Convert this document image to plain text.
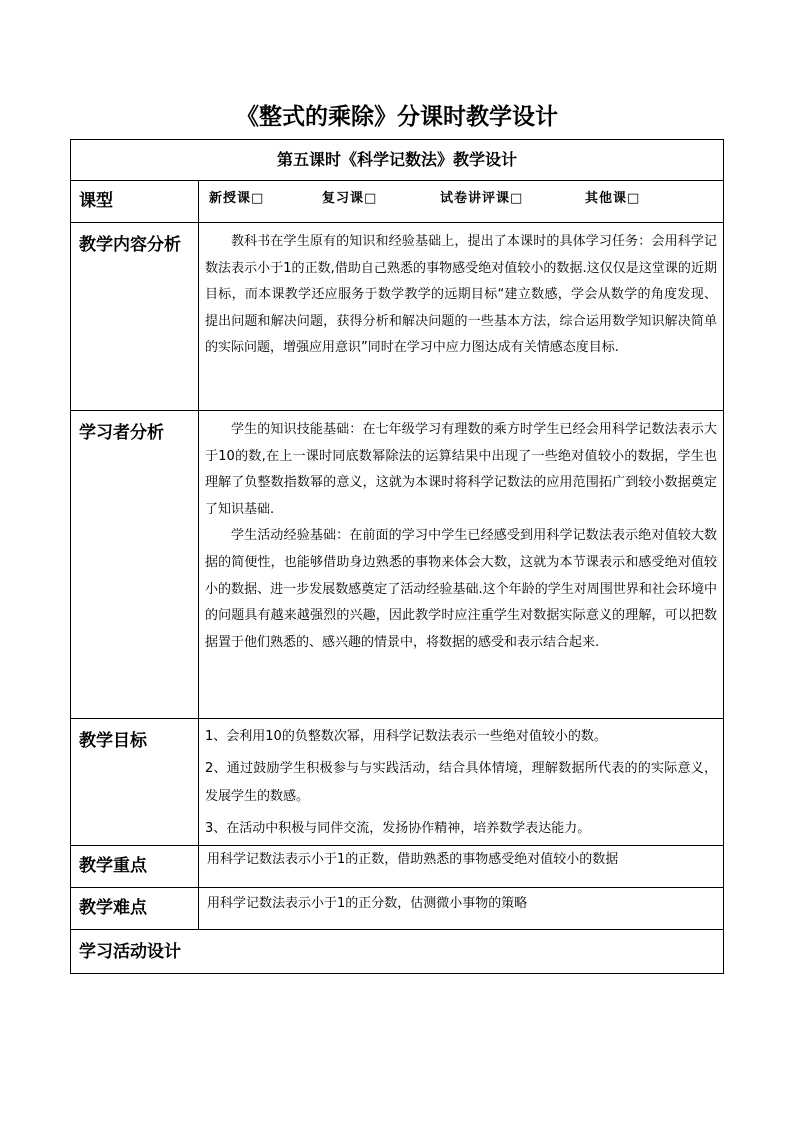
《整式的乘除》分课时教学设计
第五课时《科学记数法》教学设计	
课型	新授课□ 复习课□ 试卷讲评课□ 其他课□
教学内容分析	教科书在学生原有的知识和经验基础上，提出了本课时的具体学习任务：会用科学记数法表示小于1的正数,借助自己熟悉的事物感受绝对值较小的数据.这仅仅是这堂课的近期目标，而本课教学还应服务于数学教学的远期目标“建立数感，学会从数学的角度发现、提出问题和解决问题，获得分析和解决问题的一些基本方法，综合运用数学知识解决简单的实际问题，增强应用意识”同时在学习中应力图达成有关情感态度目标.

学习者分析	学生的知识技能基础：在七年级学习有理数的乘方时学生已经会用科学记数法表示大于10的数,在上一课时同底数幂除法的运算结果中出现了一些绝对值较小的数据，学生也理解了负整数指数幂的意义，这就为本课时将科学记数法的应用范围拓广到较小数据奠定了知识基础.

学生活动经验基础：在前面的学习中学生已经感受到用科学记数法表示绝对值较大数据的简便性，也能够借助身边熟悉的事物来体会大数，这就为本节课表示和感受绝对值较小的数据、进一步发展数感奠定了活动经验基础.这个年龄的学生对周围世界和社会环境中的问题具有越来越强烈的兴趣，因此教学时应注重学生对数据实际意义的理解，可以把数据置于他们熟悉的、感兴趣的情景中，将数据的感受和表示结合起来.

教学目标	1、会利用10的负整数次幂，用科学记数法表示一些绝对值较小的数。

2、通过鼓励学生积极参与与实践活动，结合具体情境，理解数据所代表的的实际意义，发展学生的数感。

3、在活动中积极与同伴交流，发扬协作精神，培养数学表达能力。

教学重点	用科学记数法表示小于1的正数，借助熟悉的事物感受绝对值较小的数据
教学难点	用科学记数法表示小于1的正分数，估测微小事物的策略
学习活动设计	
